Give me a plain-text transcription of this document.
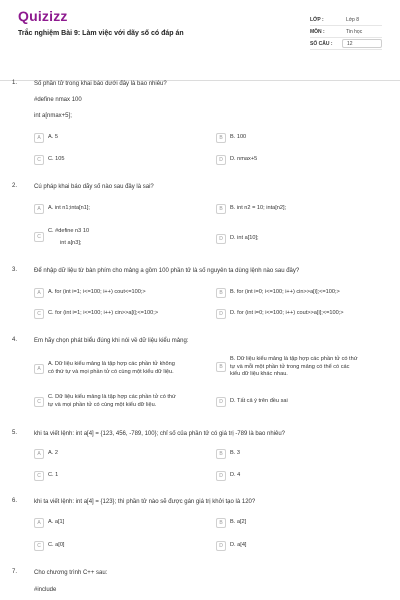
Quizizz
Trắc nghiệm Bài 9: Làm việc với dãy số có đáp án
LỚP :	Lớp 8
MÔN :	Tin học
SỐ CÂU :	12
1.	Số phần tử trong khai báo dưới đây là bao nhiêu?
#define nmax 100
int a[nmax+5];
A	A. 5	B	B. 100
C	C. 105	D	D. nmax+5
2.	Cú pháp khai báo dãy số nào sau đây là sai?
A	A. int n1;inta[n1];	B	B. int n2 = 10; inta[n2];
C
C. #define n3 10
int a[n3];
D	D. int a[10];
3.	Để nhập dữ liệu từ bàn phím cho mảng a gồm 100 phần tử là số nguyên ta dùng lệnh nào sau đây?
A	A. for (int i=1; i<=100; i++) cout<=100;>	B	B. for (int i=0; i<=100; i++) cin>>a[i];<=100;>
C	C. for (int i=1; i<=100; i++) cin>>a[i];<=100;>	D	D. for (int i=0; i<=100; i++) cout>>a[i];<=100;>
4.	Em hãy chọn phát biểu đúng khi nói về dữ liệu kiểu mảng:
A
A. Dữ liệu kiểu mảng là tập hợp các phần tử không
có thứ tự và mọi phần tử có cùng một kiểu dữ liệu.
B
B. Dữ liệu kiểu mảng là tập hợp các phần tử có thứ
tự và mỗi một phần tử trong mảng có thể có các
kiểu dữ liệu khác nhau.
C
C. Dữ liệu kiểu mảng là tập hợp các phần tử có thứ
tự và mọi phần tử có cùng một kiểu dữ liệu.	D	D. Tất cả ý trên đều sai
5.	khi ta viết lệnh: int a[4] = {123, 456, -789, 100}; chỉ số của phần tử có giá trị -789 là bao nhiêu?
A	A. 2	B	B. 3
C	C. 1	D	D. 4
6.	khi ta viết lệnh: int a[4] = {123}; thì phần tử nào sẽ được gán giá trị khởi tạo là 120?
A	A. a[1]	B	B. a[2]
C	C. a[0]	D	D. a[4]
7.	Cho chương trình C++ sau:
#include
